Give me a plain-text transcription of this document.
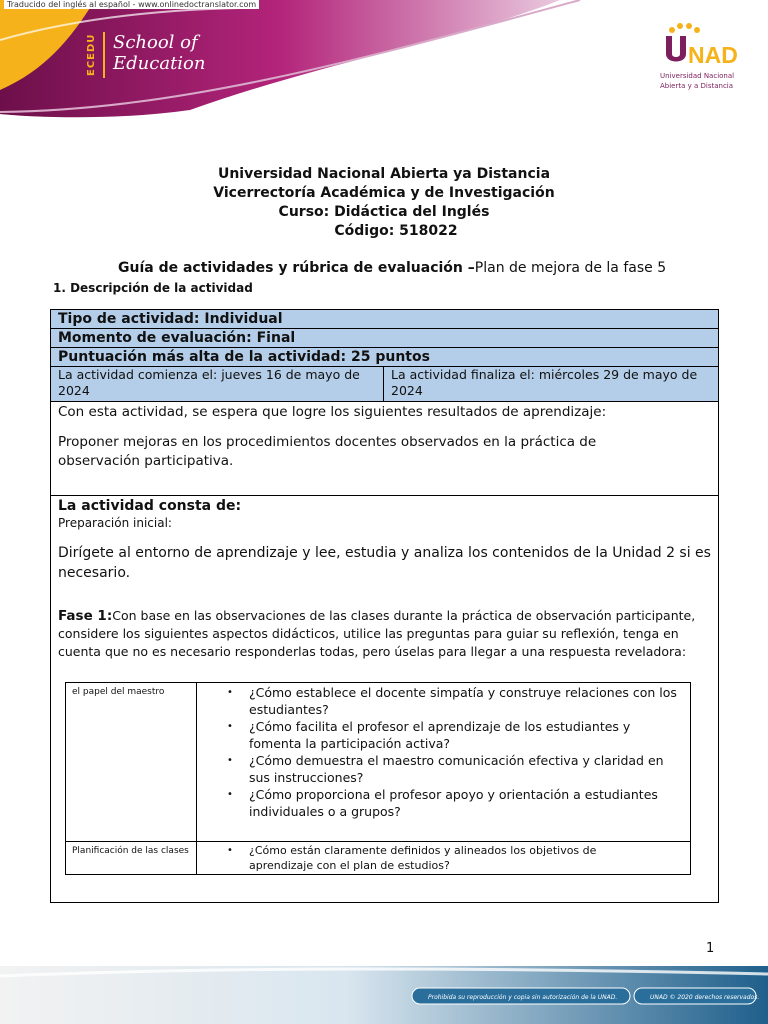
Traducido del inglés al español - www.onlinedoctranslator.com
ECEDU School of
Education	NAD
Universidad Nacional
Abierta y a Distancia
Universidad Nacional Abierta ya Distancia
Vicerrectoría Académica y de Investigación
Curso: Didáctica del Inglés
Código: 518022
Guía de actividades y rúbrica de evaluación –Plan de mejora de la fase 5
1. Descripción de la actividad
Tipo de actividad: Individual
Momento de evaluación: Final
Puntuación más alta de la actividad: 25 puntos
La actividad comienza el: jueves 16 de mayo de 2024	La actividad finaliza el: miércoles 29 de mayo de 2024

Con esta actividad, se espera que logre los siguientes resultados de aprendizaje:

Proponer mejoras en los procedimientos docentes observados en la práctica de observación participativa.

La actividad consta de:

Preparación inicial:

Dirígete al entorno de aprendizaje y lee, estudia y analiza los contenidos de la Unidad 2 si es necesario.

Fase 1:Con base en las observaciones de las clases durante la práctica de observación participante, considere los siguientes aspectos didácticos, utilice las preguntas para guiar su reflexión, tenga en cuenta que no es necesario responderlas todas, pero úselas para llegar a una respuesta reveladora:

el papel del maestro	
•¿Cómo establece el docente simpatía y construye relaciones con los estudiantes?
• ¿Cómo facilita el profesor el aprendizaje de los estudiantes y fomenta la participación activa?
• ¿Cómo demuestra el maestro comunicación efectiva y claridad en sus instrucciones?
• ¿Cómo proporciona el profesor apoyo y orientación a estudiantes individuales o a grupos?

Planificación de las clases	
•¿Cómo están claramente definidos y alineados los objetivos de aprendizaje con el plan de estudios?
1
Prohibida su reproducción y copia sin autorización de la UNAD.	UNAD © 2020 derechos reservados.
